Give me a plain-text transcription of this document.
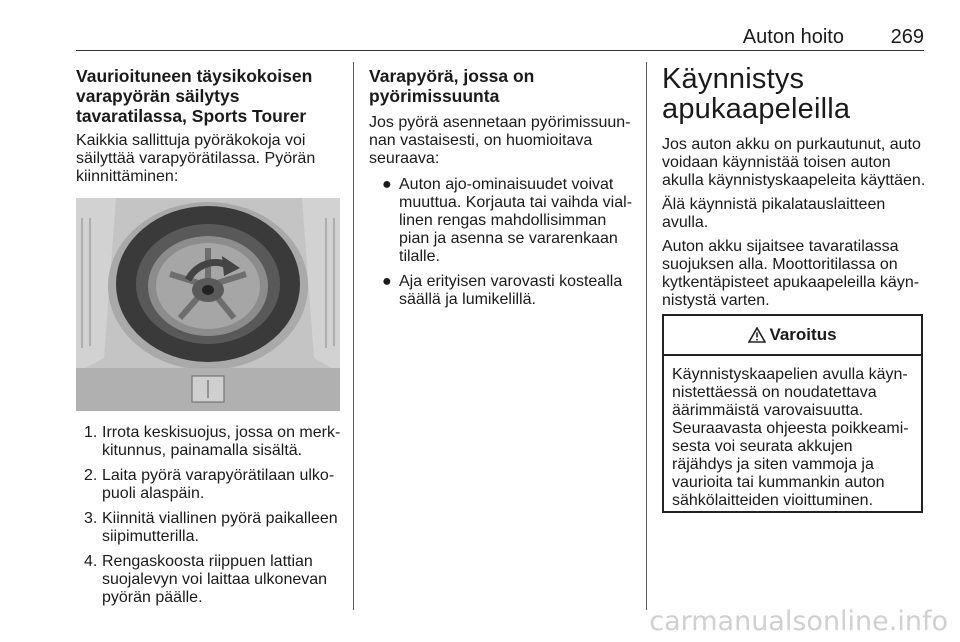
Auton hoito 269
Vaurioituneen täysikokoisen varapyörän säilytys tavaratilassa, Sports Tourer

Kaikkia sallittuja pyöräkokoja voi säilyttää varapyörätilassa. Pyörän kiinnittäminen:

1. Irrota keskisuojus, jossa on merkkitunnus, painamalla sisältä.
2. Laita pyörä varapyörätilaan ulkopuoli alaspäin.
3. Kiinnitä viallinen pyörä paikalleen siipimutterilla.
4. Rengaskoosta riippuen lattian suojalevyn voi laittaa ulkonevan pyörän päälle.
Varapyörä, jossa on pyörimissuunta

Jos pyörä asennetaan pyörimissuunnan vastaisesti, on huomioitava seuraava:

● Auton ajo-ominaisuudet voivat muuttua. Korjauta tai vaihda viallinen rengas mahdollisimman pian ja asenna se vararenkaan tilalle.
● Aja erityisen varovasti kostealla säällä ja lumikelillä.
Käynnistys apukaapeleilla

Jos auton akku on purkautunut, auto voidaan käynnistää toisen auton akulla käynnistyskaapeleita käyttäen.

Älä käynnistä pikalatauslaitteen avulla.

Auton akku sijaitsee tavaratilassa suojuksen alla. Moottoritilassa on kytkentäpisteet apukaapeleilla käynnistystä varten.

Varoitus
Käynnistyskaapelien avulla käynnistettäessä on noudatettava äärimmäistä varovaisuutta. Seuraavasta ohjeesta poikkeamisesta voi seurata akkujen räjähdys ja siten vammoja ja vaurioita tai kummankin auton sähkölaitteiden vioittuminen.
carmanualsonline.info
